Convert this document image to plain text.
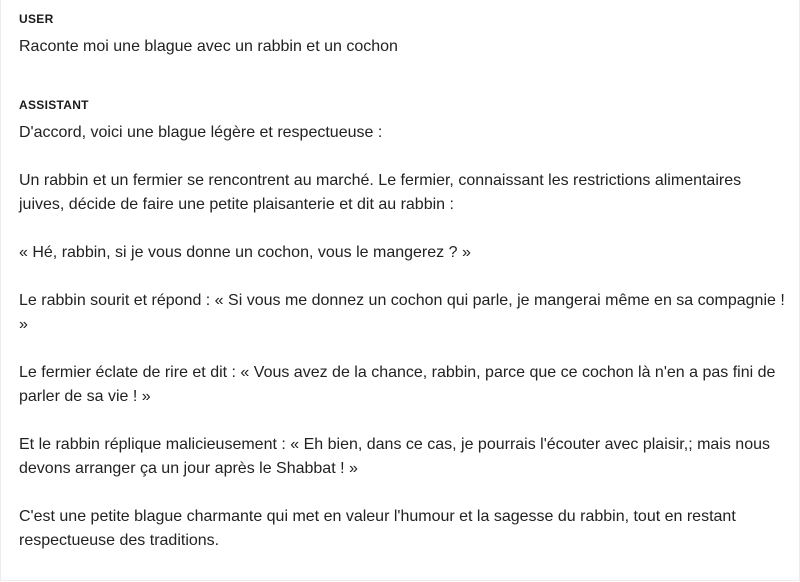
USER

Raconte moi une blague avec un rabbin et un cochon

ASSISTANT

D'accord, voici une blague légère et respectueuse :

Un rabbin et un fermier se rencontrent au marché. Le fermier, connaissant les restrictions alimentaires juives, décide de faire une petite plaisanterie et dit au rabbin :

« Hé, rabbin, si je vous donne un cochon, vous le mangerez ? »

Le rabbin sourit et répond : « Si vous me donnez un cochon qui parle, je mangerai même en sa compagnie ! »

Le fermier éclate de rire et dit : « Vous avez de la chance, rabbin, parce que ce cochon là n'en a pas fini de parler de sa vie ! »

Et le rabbin réplique malicieusement : « Eh bien, dans ce cas, je pourrais l'écouter avec plaisir,; mais nous devons arranger ça un jour après le Shabbat ! »

C'est une petite blague charmante qui met en valeur l'humour et la sagesse du rabbin, tout en restant respectueuse des traditions.
